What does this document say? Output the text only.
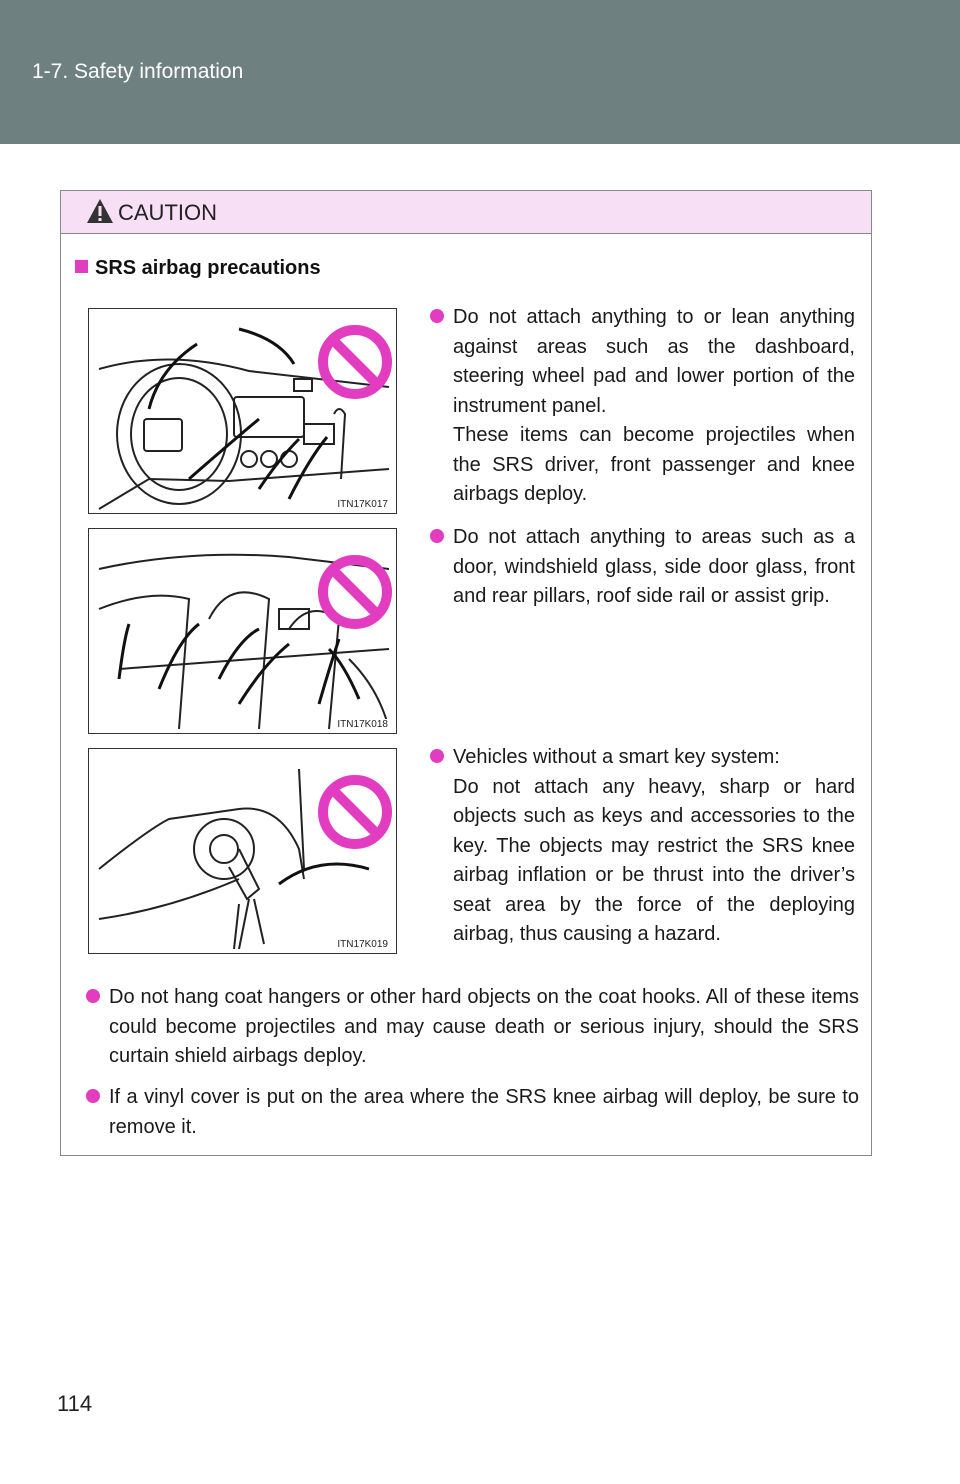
1-7. Safety information
CAUTION
SRS airbag precautions
ITN17K017
ITN17K018
ITN17K019

Do not attach anything to or lean anything against areas such as the dashboard, steering wheel pad and lower portion of the instrument panel.

These items can become projectiles when the SRS driver, front passenger and knee airbags deploy.

Do not attach anything to areas such as a door, windshield glass, side door glass, front and rear pillars, roof side rail or assist grip.

Vehicles without a smart key system:

Do not attach any heavy, sharp or hard objects such as keys and accessories to the key. The objects may restrict the SRS knee airbag inflation or be thrust into the driver’s seat area by the force of the deploying airbag, thus causing a hazard.

Do not hang coat hangers or other hard objects on the coat hooks. All of these items could become projectiles and may cause death or serious injury, should the SRS curtain shield airbags deploy.

If a vinyl cover is put on the area where the SRS knee airbag will deploy, be sure to remove it.

114
